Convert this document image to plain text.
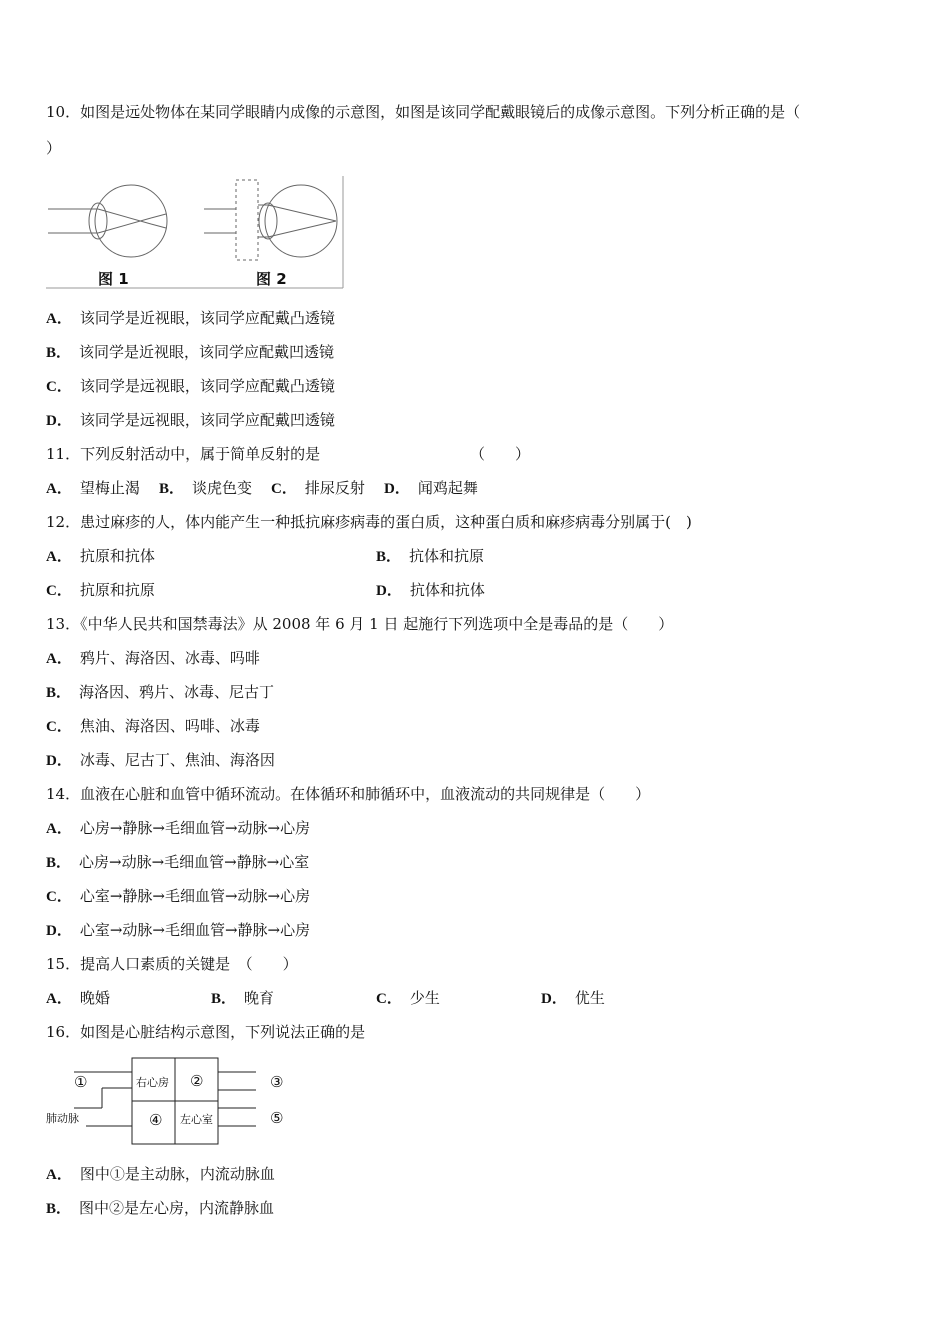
10．如图是远处物体在某同学眼睛内成像的示意图，如图是该同学配戴眼镜后的成像示意图。下列分析正确的是（
）
图 1	图 2
A． 该同学是近视眼，该同学应配戴凸透镜
B． 该同学是近视眼，该同学应配戴凹透镜
C． 该同学是远视眼，该同学应配戴凸透镜
D． 该同学是远视眼，该同学应配戴凹透镜
11．下列反射活动中，属于简单反射的是	（　　）
A． 望梅止渴 B． 谈虎色变 C． 排尿反射 D． 闻鸡起舞
12．患过麻疹的人，体内能产生一种抵抗麻疹病毒的蛋白质，这种蛋白质和麻疹病毒分别属于(　)
A． 抗原和抗体	B． 抗体和抗原
C． 抗原和抗原	D． 抗体和抗体
13．《中华人民共和国禁毒法》从 2008 年 6 月 1 日 起施行下列选项中全是毒品的是（　　）
A． 鸦片、海洛因、冰毒、吗啡
B． 海洛因、鸦片、冰毒、尼古丁
C． 焦油、海洛因、吗啡、冰毒
D． 冰毒、尼古丁、焦油、海洛因
14．血液在心脏和血管中循环流动。在体循环和肺循环中，血液流动的共同规律是（　　）
A． 心房→静脉→毛细血管→动脉→心房
B． 心房→动脉→毛细血管→静脉→心室
C． 心室→静脉→毛细血管→动脉→心房
D． 心室→动脉→毛细血管→静脉→心房
15．提高人口素质的关键是　（　　）
A． 晚婚	B． 晚育	C． 少生	D． 优生
16．如图是心脏结构示意图，下列说法正确的是
①	右心房 ②	③
肺动脉	④ 左心室	⑤
A． 图中①是主动脉，内流动脉血
B． 图中②是左心房，内流静脉血
